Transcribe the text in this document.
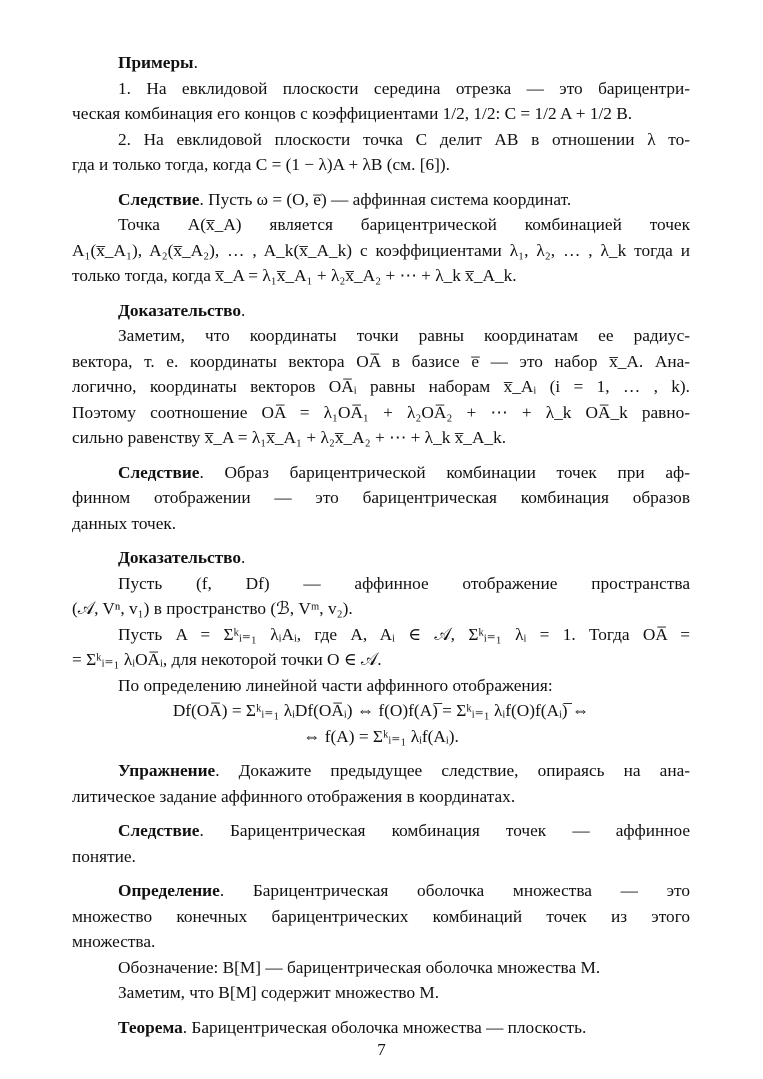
Примеры.
1. На евклидовой плоскости середина отрезка — это барицентри-
ческая комбинация его концов с коэффициентами 1/2, 1/2: C = 1/2 A + 1/2 B.
2. На евклидовой плоскости точка C делит AB в отношении λ то-
гда и только тогда, когда C = (1 − λ)A + λB (см. [6]).
Следствие. Пусть ω = (O, e̅) — аффинная система координат.
Точка A(x̅_A) является барицентрической комбинацией точек
A₁(x̅_A₁), A₂(x̅_A₂), … , A_k(x̅_A_k) с коэффициентами λ₁, λ₂, … , λ_k тогда и
только тогда, когда x̅_A = λ₁x̅_A₁ + λ₂x̅_A₂ + ⋯ + λ_k x̅_A_k.
Доказательство.
Заметим, что координаты точки равны координатам ее радиус-
вектора, т. е. координаты вектора OA̅ в базисе e̅ — это набор x̅_A. Ана-
логично, координаты векторов OA̅ᵢ равны наборам x̅_Aᵢ (i = 1, … , k).
Поэтому соотношение OA̅ = λ₁OA̅₁ + λ₂OA̅₂ + ⋯ + λ_k OA̅_k равно-
сильно равенству x̅_A = λ₁x̅_A₁ + λ₂x̅_A₂ + ⋯ + λ_k x̅_A_k.
Следствие. Образ барицентрической комбинации точек при аф-
финном отображении — это барицентрическая комбинация образов
данных точек.
Доказательство.
Пусть (f, Df) — аффинное отображение пространства
(𝒜, Vⁿ, v₁) в пространство (ℬ, Vᵐ, v₂).
Пусть A = Σᵏᵢ₌₁ λᵢAᵢ, где A, Aᵢ ∈ 𝒜, Σᵏᵢ₌₁ λᵢ = 1. Тогда OA̅ =
= Σᵏᵢ₌₁ λᵢOA̅ᵢ, для некоторой точки O ∈ 𝒜.
По определению линейной части аффинного отображения:
Df(OA̅) = Σᵏᵢ₌₁ λᵢDf(OA̅ᵢ) ⇔ f(O)f(A)̅ = Σᵏᵢ₌₁ λᵢf(O)f(Aᵢ)̅ ⇔
⇔ f(A) = Σᵏᵢ₌₁ λᵢf(Aᵢ).
Упражнение. Докажите предыдущее следствие, опираясь на ана-
литическое задание аффинного отображения в координатах.
Следствие. Барицентрическая комбинация точек — аффинное
понятие.
Определение. Барицентрическая оболочка множества — это
множество конечных барицентрических комбинаций точек из этого
множества.
Обозначение: B[M] — барицентрическая оболочка множества M.
Заметим, что B[M] содержит множество M.
Теорема. Барицентрическая оболочка множества — плоскость.
7
